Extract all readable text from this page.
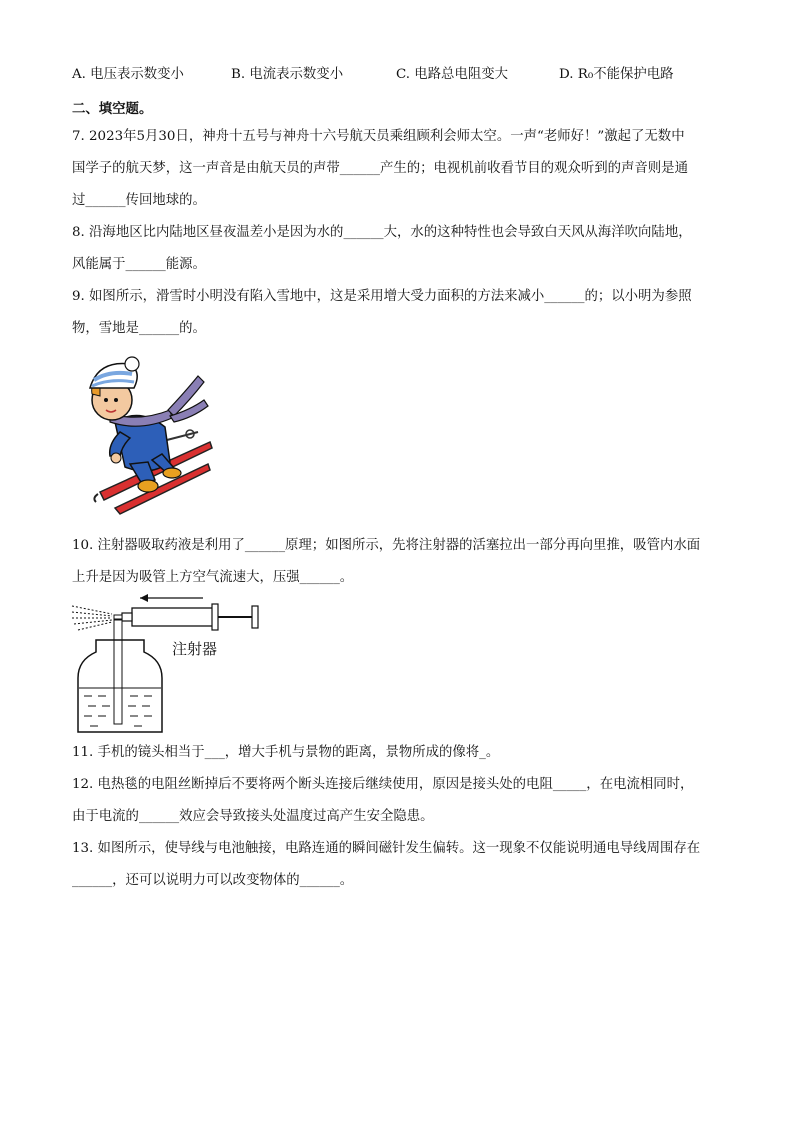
A. 电压表示数变小	B. 电流表示数变小	C. 电路总电阻变大	D. R₀不能保护电路
二、填空题。
7. 2023年5月30日，神舟十五号与神舟十六号航天员乘组顾利会师太空。一声“老师好！”激起了无数中
国学子的航天梦，这一声音是由航天员的声带______产生的；电视机前收看节目的观众听到的声音则是通
过______传回地球的。
8. 沿海地区比内陆地区昼夜温差小是因为水的______大，水的这种特性也会导致白天风从海洋吹向陆地，
风能属于______能源。
9. 如图所示，滑雪时小明没有陷入雪地中，这是采用增大受力面积的方法来减小______的；以小明为参照
物，雪地是______的。
10. 注射器吸取药液是利用了______原理；如图所示，先将注射器的活塞拉出一部分再向里推，吸管内水面
上升是因为吸管上方空气流速大，压强______。
注射器
11. 手机的镜头相当于___，增大手机与景物的距离，景物所成的像将_。
12. 电热毯的电阻丝断掉后不要将两个断头连接后继续使用，原因是接头处的电阻_____，在电流相同时，
由于电流的______效应会导致接头处温度过高产生安全隐患。
13. 如图所示，使导线与电池触接，电路连通的瞬间磁针发生偏转。这一现象不仅能说明通电导线周围存在
______，还可以说明力可以改变物体的______。
